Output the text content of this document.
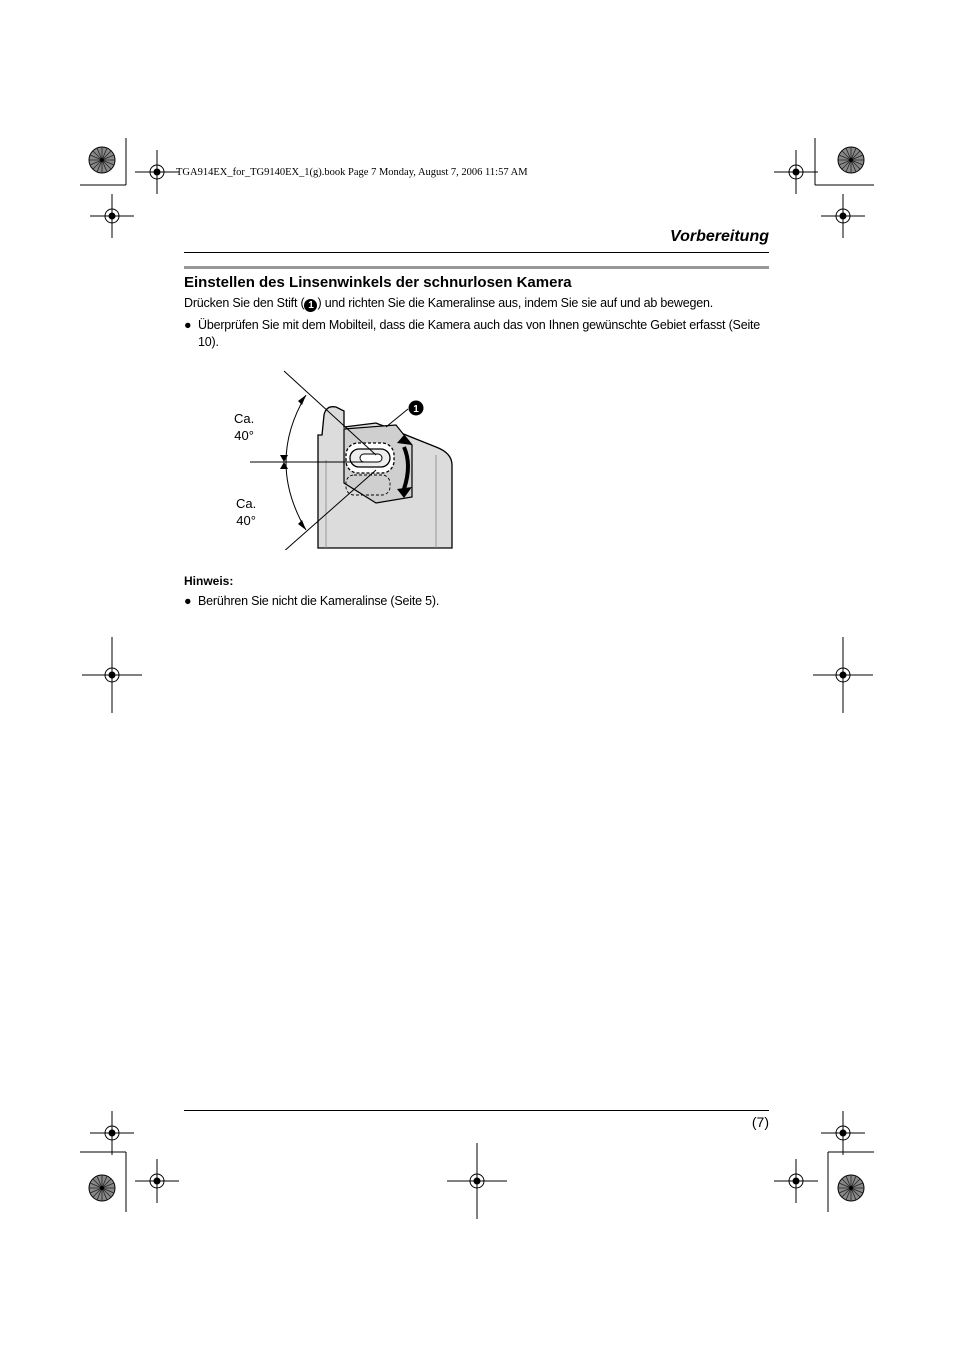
TGA914EX_for_TG9140EX_1(g).book Page 7 Monday, August 7, 2006 11:57 AM
Vorbereitung
Einstellen des Linsenwinkels der schnurlosen Kamera
Drücken Sie den Stift ( 1 ) und richten Sie die Kameralinse aus, indem Sie sie auf und ab bewegen.
● Überprüfen Sie mit dem Mobilteil, dass die Kamera auch das von Ihnen gewünschte Gebiet erfasst (Seite 10).
1
Ca.
40°
Ca.
40°
Hinweis:
● Berühren Sie nicht die Kameralinse (Seite 5).
(7)
